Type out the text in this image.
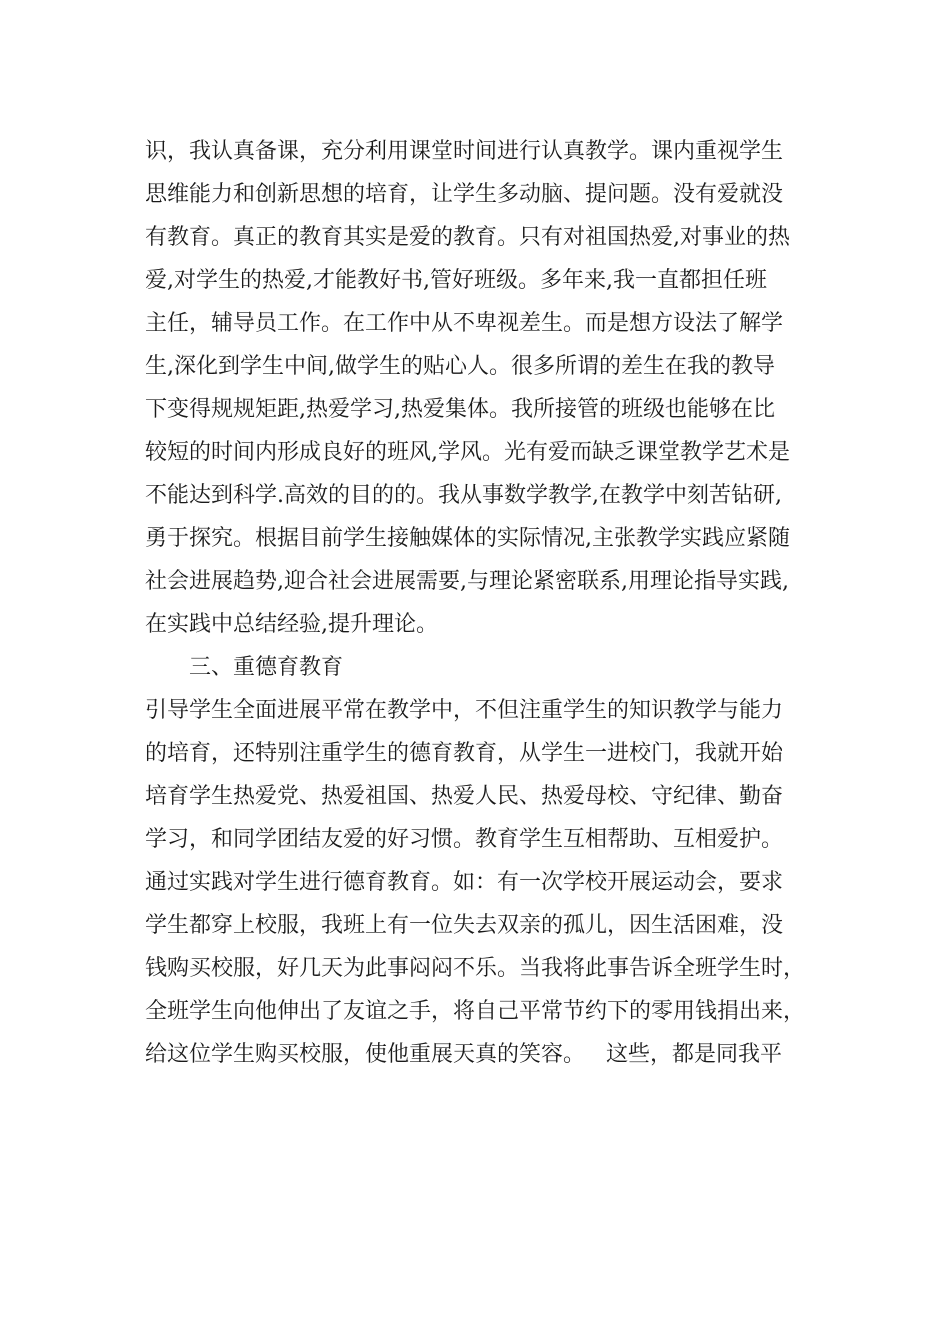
识，我认真备课，充分利用课堂时间进行认真教学。课内重视学生
思维能力和创新思想的培育，让学生多动脑、提问题。没有爱就没
有教育。真正的教育其实是爱的教育。只有对祖国热爱,对事业的热
爱,对学生的热爱,才能教好书,管好班级。多年来,我一直都担任班
主任，辅导员工作。在工作中从不卑视差生。而是想方设法了解学
生,深化到学生中间,做学生的贴心人。很多所谓的差生在我的教导
下变得规规矩距,热爱学习,热爱集体。我所接管的班级也能够在比
较短的时间内形成良好的班风,学风。光有爱而缺乏课堂教学艺术是
不能达到科学.高效的目的的。我从事数学教学,在教学中刻苦钻研,
勇于探究。根据目前学生接触媒体的实际情况,主张教学实践应紧随
社会进展趋势,迎合社会进展需要,与理论紧密联系,用理论指导实践,
在实践中总结经验,提升理论。
三、重德育教育
引导学生全面进展平常在教学中，不但注重学生的知识教学与能力
的培育，还特别注重学生的德育教育，从学生一进校门，我就开始
培育学生热爱党、热爱祖国、热爱人民、热爱母校、守纪律、勤奋
学习，和同学团结友爱的好习惯。教育学生互相帮助、互相爱护。
通过实践对学生进行德育教育。如：有一次学校开展运动会，要求
学生都穿上校服，我班上有一位失去双亲的孤儿，因生活困难，没
钱购买校服，好几天为此事闷闷不乐。当我将此事告诉全班学生时，
全班学生向他伸出了友谊之手，将自己平常节约下的零用钱捐出来，
给这位学生购买校服，使他重展天真的笑容。   这些，都是同我平
